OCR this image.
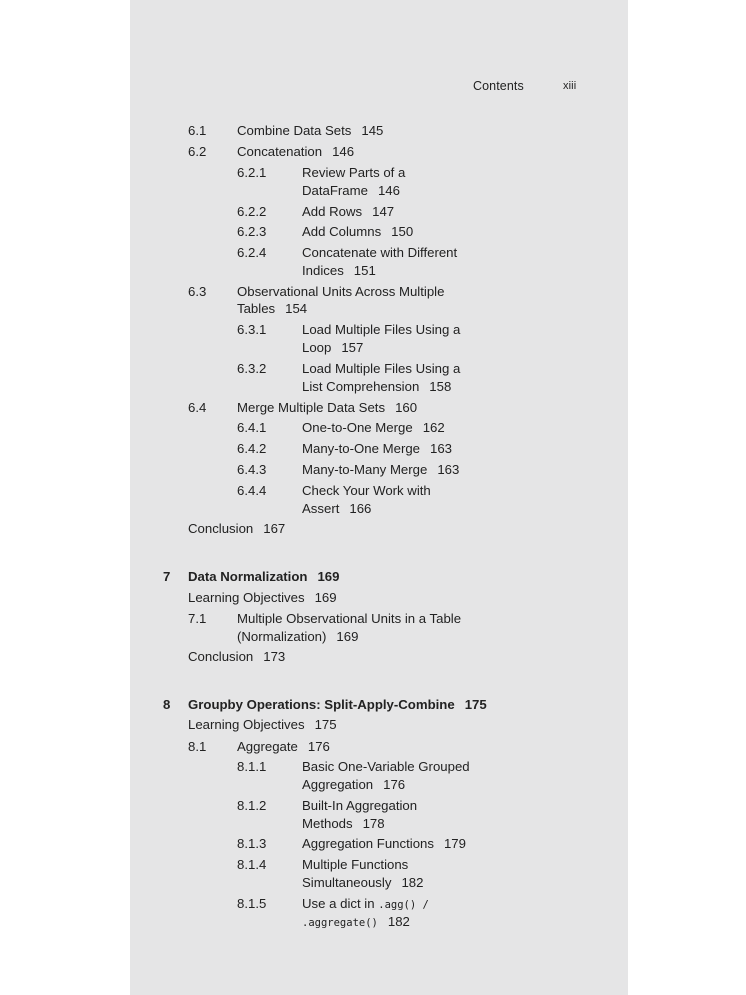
Contents	xiii
6.1 Combine Data Sets 145
6.2 Concatenation 146
6.2.1	Review Parts of a
DataFrame 146
6.2.2	Add Rows 147
6.2.3	Add Columns 150
6.2.4	Concatenate with Different
Indices 151
6.3 Observational Units Across Multiple
Tables 154
6.3.1	Load Multiple Files Using a
Loop 157
6.3.2	Load Multiple Files Using a
List Comprehension 158
6.4 Merge Multiple Data Sets 160
6.4.1	One-to-One Merge 162
6.4.2	Many-to-One Merge 163
6.4.3	Many-to-Many Merge 163
6.4.4	Check Your Work with
Assert 166
Conclusion 167
7 Data Normalization 169
Learning Objectives 169
7.1 Multiple Observational Units in a Table
(Normalization) 169
Conclusion 173
8 Groupby Operations: Split-Apply-Combine 175
Learning Objectives 175
8.1 Aggregate 176
8.1.1	Basic One-Variable Grouped
Aggregation 176
8.1.2	Built-In Aggregation
Methods 178
8.1.3	Aggregation Functions 179
8.1.4	Multiple Functions
Simultaneously 182
8.1.5	Use a dict in .agg() /
.aggregate() 182
